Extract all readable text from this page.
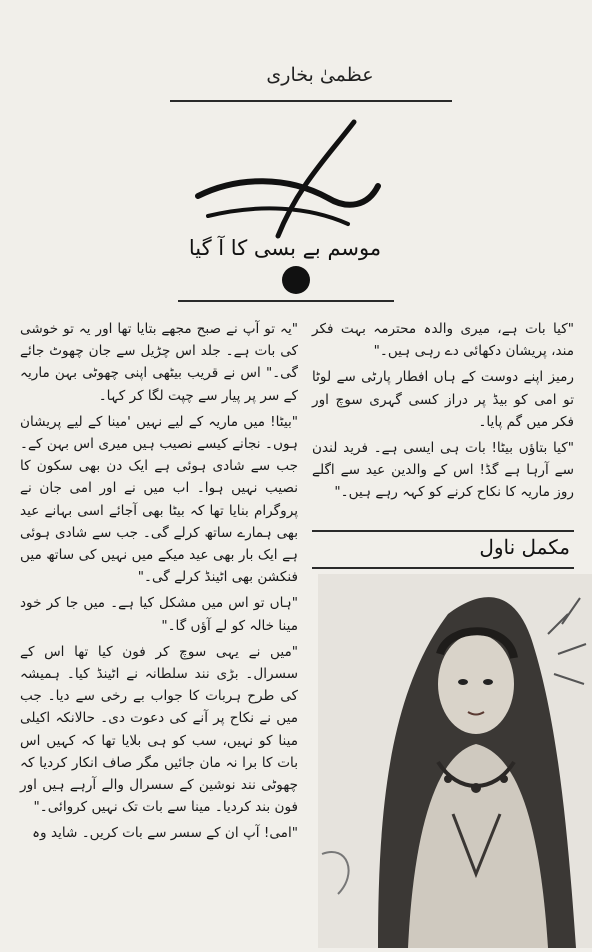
عظمیٰ بخاری
موسم بے بسی کا آ گیا

"یہ تو آپ نے صبح مجھے بتایا تھا اور یہ تو خوشی کی بات ہے۔ جلد اس چڑیل سے جان چھوٹ جائے گی۔" اس نے قریب بیٹھی اپنی چھوٹی بہن ماریہ کے سر پر پیار سے چپت لگا کر کہا۔

"بیٹا! میں ماریہ کے لیے نہیں 'مینا کے لیے پریشان ہوں۔ نجانے کیسے نصیب ہیں میری اس بہن کے۔ جب سے شادی ہوئی ہے ایک دن بھی سکون کا نصیب نہیں ہوا۔ اب میں نے اور امی جان نے پروگرام بنایا تھا کہ بیٹا بھی آجائے اسی بہانے عید بھی ہمارے ساتھ کرلے گی۔ جب سے شادی ہوئی ہے ایک بار بھی عید میکے میں نہیں کی ساتھ میں فنکشن بھی اٹینڈ کرلے گی۔"

"ہاں تو اس میں مشکل کیا ہے۔ میں جا کر خود مینا خالہ کو لے آؤں گا۔"

"میں نے یہی سوچ کر فون کیا تھا اس کے سسرال۔ بڑی نند سلطانہ نے اٹینڈ کیا۔ ہمیشہ کی طرح ہربات کا جواب بے رخی سے دیا۔ جب میں نے نکاح پر آنے کی دعوت دی۔ حالانکہ اکیلی مینا کو نہیں، سب کو ہی بلایا تھا کہ کہیں اس بات کا برا نہ مان جائیں مگر صاف انکار کردیا کہ چھوٹی نند نوشین کے سسرال والے آرہے ہیں اور فون بند کردیا۔ مینا سے بات تک نہیں کروائی۔"

"امی! آپ ان کے سسر سے بات کریں۔ شاید وہ

"کیا بات ہے، میری والدہ محترمہ بہت فکر مند، پریشان دکھائی دے رہی ہیں۔"

رمیز اپنے دوست کے ہاں افطار پارٹی سے لوٹا تو امی کو بیڈ پر دراز کسی گہری سوچ اور فکر میں گم پایا۔

"کیا بتاؤں بیٹا! بات ہی ایسی ہے۔ فرید لندن سے آرہا ہے گڈ! اس کے والدین عید سے اگلے روز ماریہ کا نکاح کرنے کو کہہ رہے ہیں۔"

مکمل ناول
